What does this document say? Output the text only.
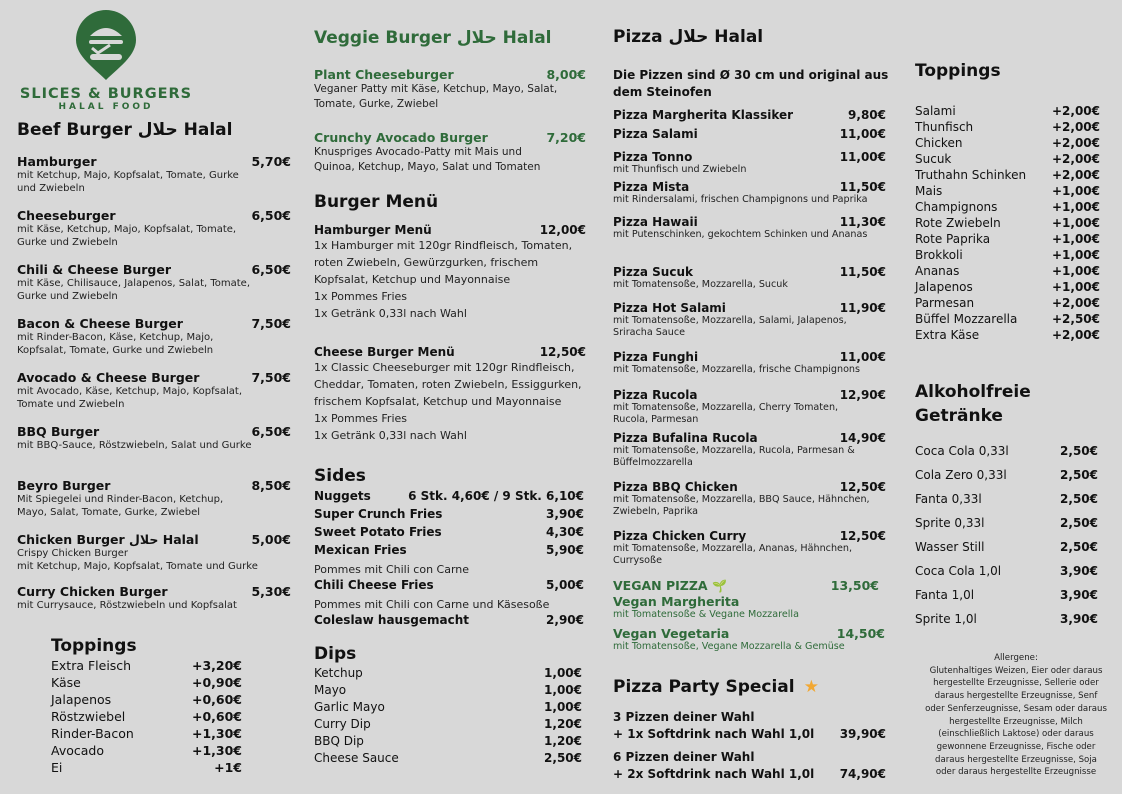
SLICES & BURGERS
HALAL FOOD
Beef Burger حلال Halal
Hamburger	5,70€
mit Ketchup, Majo, Kopfsalat, Tomate, Gurke und Zwiebeln
Cheeseburger	6,50€
mit Käse, Ketchup, Majo, Kopfsalat, Tomate, Gurke und Zwiebeln
Chili & Cheese Burger	6,50€
mit Käse, Chilisauce, Jalapenos, Salat, Tomate, Gurke und Zwiebeln
Bacon & Cheese Burger	7,50€
mit Rinder-Bacon, Käse, Ketchup, Majo, Kopfsalat, Tomate, Gurke und Zwiebeln
Avocado & Cheese Burger	7,50€
mit Avocado, Käse, Ketchup, Majo, Kopfsalat, Tomate und Zwiebeln
BBQ Burger	6,50€
mit BBQ-Sauce, Röstzwiebeln, Salat und Gurke
Beyro Burger	8,50€
Mit Spiegelei und Rinder-Bacon, Ketchup, Mayo, Salat, Tomate, Gurke, Zwiebel
Chicken Burger حلال Halal	5,00€
Crispy Chicken Burger
mit Ketchup, Majo, Kopfsalat, Tomate und Gurke
Curry Chicken Burger	5,30€
mit Currysauce, Röstzwiebeln und Kopfsalat
Toppings
Extra Fleisch	+3,20€
Käse	+0,90€
Jalapenos	+0,60€
Röstzwiebel	+0,60€
Rinder-Bacon	+1,30€
Avocado	+1,30€
Ei	+1€
Veggie Burger حلال Halal
Plant Cheeseburger	8,00€
Veganer Patty mit Käse, Ketchup, Mayo, Salat, Tomate, Gurke, Zwiebel
Crunchy Avocado Burger	7,20€
Knuspriges Avocado-Patty mit Mais und Quinoa, Ketchup, Mayo, Salat und Tomaten
Burger Menü
Hamburger Menü	12,00€
1x Hamburger mit 120gr Rindfleisch, Tomaten,
roten Zwiebeln, Gewürzgurken, frischem
Kopfsalat, Ketchup und Mayonnaise
1x Pommes Fries
1x Getränk 0,33l nach Wahl
Cheese Burger Menü	12,50€
1x Classic Cheeseburger mit 120gr Rindfleisch,
Cheddar, Tomaten, roten Zwiebeln, Essiggurken,
frischem Kopfsalat, Ketchup und Mayonnaise
1x Pommes Fries
1x Getränk 0,33l nach Wahl
Sides
Nuggets	6 Stk. 4,60€ / 9 Stk. 6,10€
Super Crunch Fries	3,90€
Sweet Potato Fries	4,30€
Mexican Fries	5,90€
Pommes mit Chili con Carne
Chili Cheese Fries	5,00€
Pommes mit Chili con Carne und Käsesoße
Coleslaw hausgemacht	2,90€
Dips
Ketchup	1,00€
Mayo	1,00€
Garlic Mayo	1,00€
Curry Dip	1,20€
BBQ Dip	1,20€
Cheese Sauce	2,50€
Pizza حلال Halal
Die Pizzen sind Ø 30 cm und original aus dem Steinofen
Pizza Margherita Klassiker	9,80€
Pizza Salami	11,00€
Pizza Tonno	11,00€
mit Thunfisch und Zwiebeln
Pizza Mista	11,50€
mit Rindersalami, frischen Champignons und Paprika
Pizza Hawaii	11,30€
mit Putenschinken, gekochtem Schinken und Ananas
Pizza Sucuk	11,50€
mit Tomatensoße, Mozzarella, Sucuk
Pizza Hot Salami	11,90€
mit Tomatensoße, Mozzarella, Salami, Jalapenos, Sriracha Sauce
Pizza Funghi	11,00€
mit Tomatensoße, Mozzarella, frische Champignons
Pizza Rucola	12,90€
mit Tomatensoße, Mozzarella, Cherry Tomaten, Rucola, Parmesan
Pizza Bufalina Rucola	14,90€
mit Tomatensoße, Mozzarella, Rucola, Parmesan & Büffelmozzarella
Pizza BBQ Chicken	12,50€
mit Tomatensoße, Mozzarella, BBQ Sauce, Hähnchen, Zwiebeln, Paprika
Pizza Chicken Curry	12,50€
mit Tomatensoße, Mozzarella, Ananas, Hähnchen, Currysoße
VEGAN PIZZA 🌱	13,50€
Vegan Margherita
mit Tomatensoße & Vegane Mozzarella
Vegan Vegetaria	14,50€
mit Tomatensoße, Vegane Mozzarella & Gemüse
Pizza Party Special ★
3 Pizzen deiner Wahl
+ 1x Softdrink nach Wahl 1,0l 39,90€
6 Pizzen deiner Wahl
+ 2x Softdrink nach Wahl 1,0l 74,90€
Toppings
Salami	+2,00€
Thunfisch	+2,00€
Chicken	+2,00€
Sucuk	+2,00€
Truthahn Schinken +2,00€
Mais	+1,00€
Champignons	+1,00€
Rote Zwiebeln	+1,00€
Rote Paprika	+1,00€
Brokkoli	+1,00€
Ananas	+1,00€
Jalapenos	+1,00€
Parmesan	+2,00€
Büffel Mozzarella	+2,50€
Extra Käse	+2,00€
Alkoholfreie
Getränke
Coca Cola 0,33l	2,50€
Cola Zero 0,33l	2,50€
Fanta 0,33l	2,50€
Sprite 0,33l	2,50€
Wasser Still	2,50€
Coca Cola 1,0l	3,90€
Fanta 1,0l	3,90€
Sprite 1,0l	3,90€
Allergene:
Glutenhaltiges Weizen, Eier oder daraus hergestellte Erzeugnisse, Sellerie oder daraus hergestellte Erzeugnisse, Senf oder Senferzeugnisse, Sesam oder daraus hergestellte Erzeugnisse, Milch (einschließlich Laktose) oder daraus gewonnene Erzeugnisse, Fische oder daraus hergestellte Erzeugnisse, Soja oder daraus hergestellte Erzeugnisse
